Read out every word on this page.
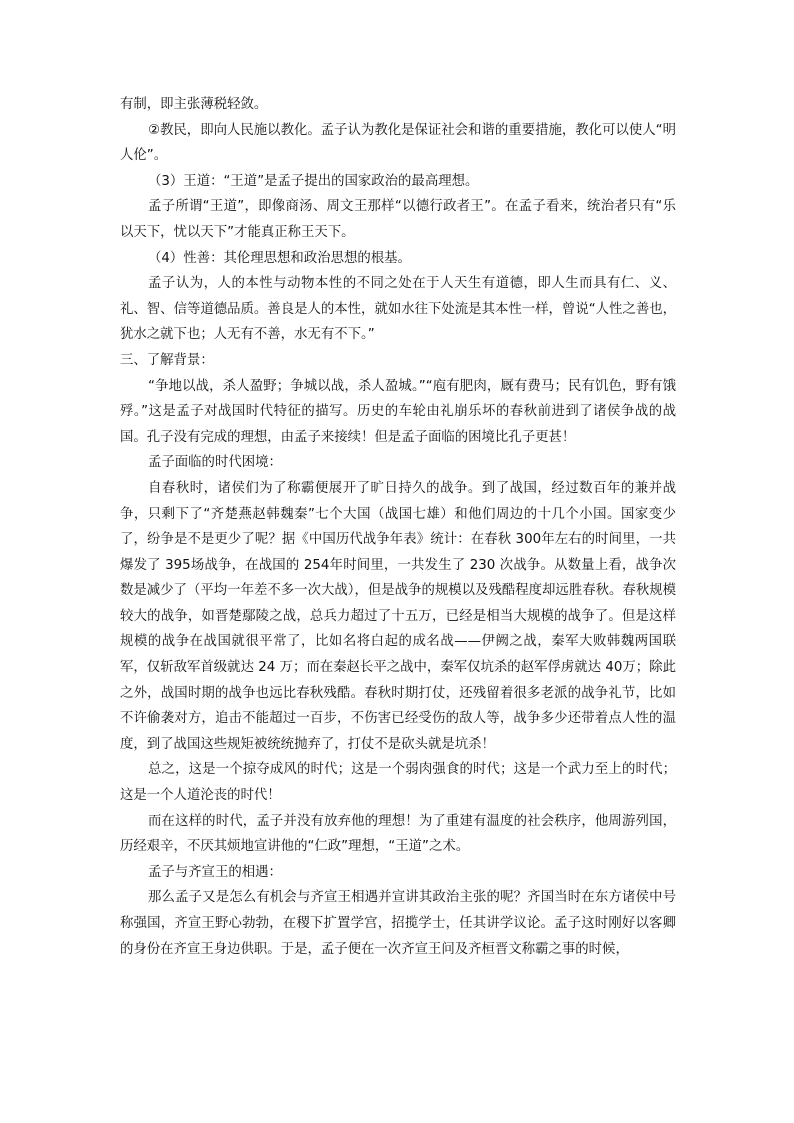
有制，即主张薄税轻敛。

②教民，即向人民施以教化。孟子认为教化是保证社会和谐的重要措施，教化可以使人“明人伦”。

（3）王道：“王道”是孟子提出的国家政治的最高理想。

孟子所谓“王道”，即像商汤、周文王那样“以德行政者王”。在孟子看来，统治者只有“乐以天下，忧以天下”才能真正称王天下。

（4）性善：其伦理思想和政治思想的根基。

孟子认为，人的本性与动物本性的不同之处在于人天生有道德，即人生而具有仁、义、礼、智、信等道德品质。善良是人的本性，就如水往下处流是其本性一样，曾说“人性之善也，犹水之就下也；人无有不善，水无有不下。”

三、了解背景：

“争地以战，杀人盈野；争城以战，杀人盈城。”“庖有肥肉，厩有费马；民有饥色，野有饿殍。”这是孟子对战国时代特征的描写。历史的车轮由礼崩乐坏的春秋前进到了诸侯争战的战国。孔子没有完成的理想，由孟子来接续！但是孟子面临的困境比孔子更甚！

孟子面临的时代困境：

自春秋时，诸侯们为了称霸便展开了旷日持久的战争。到了战国，经过数百年的兼并战争，只剩下了“齐楚燕赵韩魏秦”七个大国（战国七雄）和他们周边的十几个小国。国家变少了，纷争是不是更少了呢？据《中国历代战争年表》统计：在春秋 300年左右的时间里，一共爆发了 395场战争，在战国的 254年时间里，一共发生了 230 次战争。从数量上看，战争次数是减少了（平均一年差不多一次大战），但是战争的规模以及残酷程度却远胜春秋。春秋规模较大的战争，如晋楚鄢陵之战，总兵力超过了十五万，已经是相当大规模的战争了。但是这样规模的战争在战国就很平常了，比如名将白起的成名战——伊阙之战，秦军大败韩魏两国联军，仅斩敌军首级就达 24 万；而在秦赵长平之战中，秦军仅坑杀的赵军俘虏就达 40万；除此之外，战国时期的战争也远比春秋残酷。春秋时期打仗，还残留着很多老派的战争礼节，比如不许偷袭对方，追击不能超过一百步，不伤害已经受伤的敌人等，战争多少还带着点人性的温度，到了战国这些规矩被统统抛弃了，打仗不是砍头就是坑杀！

总之，这是一个掠夺成风的时代；这是一个弱肉强食的时代；这是一个武力至上的时代；这是一个人道沦丧的时代！

而在这样的时代，孟子并没有放弃他的理想！为了重建有温度的社会秩序，他周游列国，历经艰辛，不厌其烦地宣讲他的“仁政”理想，“王道”之术。

孟子与齐宣王的相遇：

那么孟子又是怎么有机会与齐宣王相遇并宣讲其政治主张的呢？齐国当时在东方诸侯中号称强国，齐宣王野心勃勃，在稷下扩置学宫，招揽学士，任其讲学议论。孟子这时刚好以客卿的身份在齐宣王身边供职。于是，孟子便在一次齐宣王问及齐桓晋文称霸之事的时候，
